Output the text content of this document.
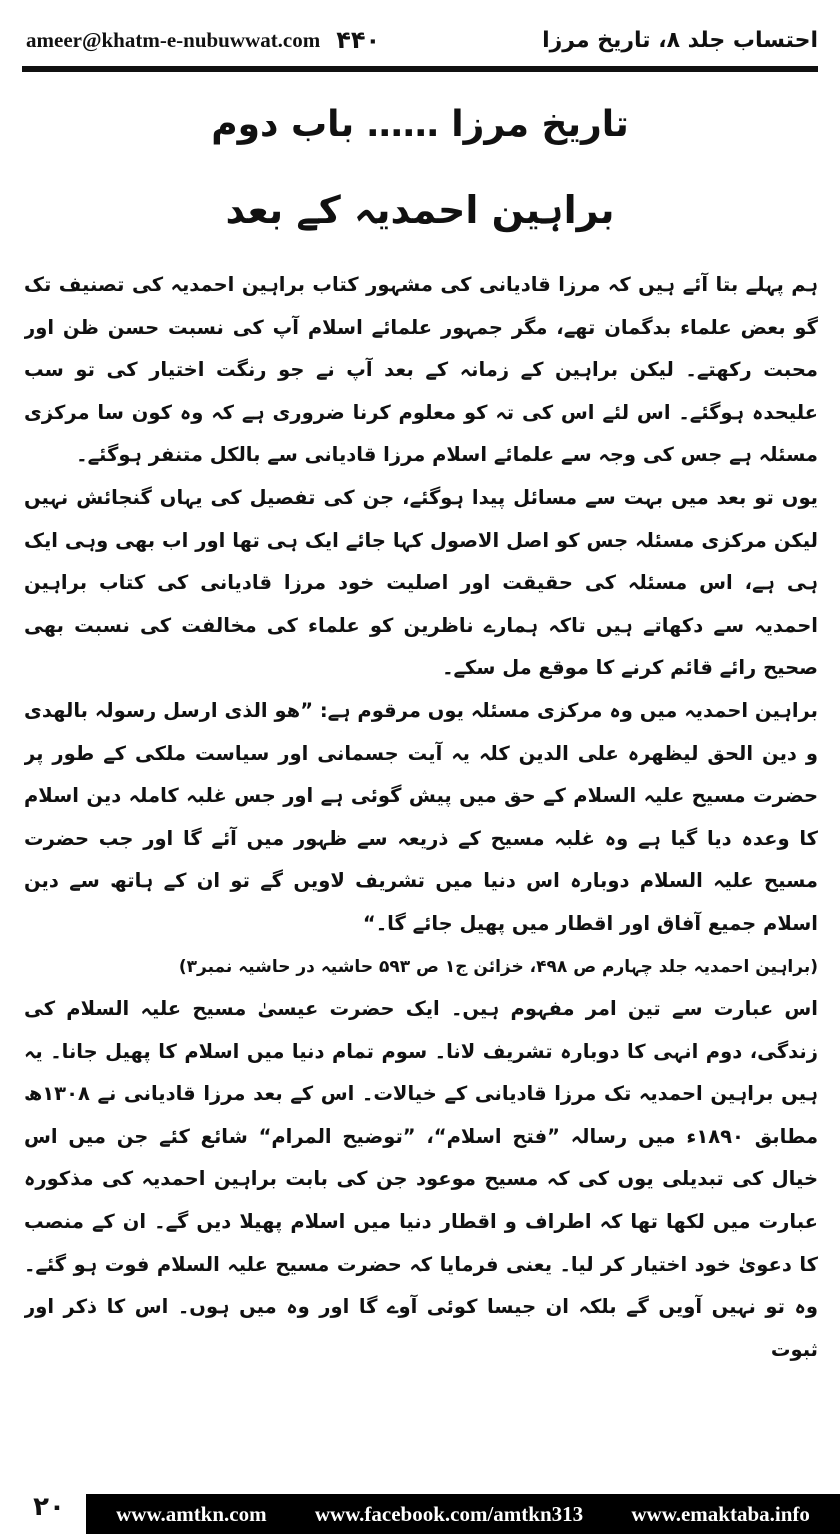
ameer@khatm-e-nubuwwat.com ۴۴۰	احتساب جلد ۸، تاریخ مرزا
تاریخ مرزا …… باب دوم
براہین احمدیہ کے بعد

ہم پہلے بتا آئے ہیں کہ مرزا قادیانی کی مشہور کتاب براہین احمدیہ کی تصنیف تک گو بعض علماء بدگمان تھے، مگر جمہور علمائے اسلام آپ کی نسبت حسن ظن اور محبت رکھتے۔ لیکن براہین کے زمانہ کے بعد آپ نے جو رنگت اختیار کی تو سب علیحدہ ہوگئے۔ اس لئے اس کی تہ کو معلوم کرنا ضروری ہے کہ وہ کون سا مرکزی مسئلہ ہے جس کی وجہ سے علمائے اسلام مرزا قادیانی سے بالکل متنفر ہوگئے۔

یوں تو بعد میں بہت سے مسائل پیدا ہوگئے، جن کی تفصیل کی یہاں گنجائش نہیں لیکن مرکزی مسئلہ جس کو اصل الاصول کہا جائے ایک ہی تھا اور اب بھی وہی ایک ہی ہے، اس مسئلہ کی حقیقت اور اصلیت خود مرزا قادیانی کی کتاب براہین احمدیہ سے دکھاتے ہیں تاکہ ہمارے ناظرین کو علماء کی مخالفت کی نسبت بھی صحیح رائے قائم کرنے کا موقع مل سکے۔

براہین احمدیہ میں وہ مرکزی مسئلہ یوں مرقوم ہے: ”ھو الذی ارسل رسولہ بالھدی و دین الحق لیظھرہ علی الدین کلہ یہ آیت جسمانی اور سیاست ملکی کے طور پر حضرت مسیح علیہ السلام کے حق میں پیش گوئی ہے اور جس غلبہ کاملہ دین اسلام کا وعدہ دیا گیا ہے وہ غلبہ مسیح کے ذریعہ سے ظہور میں آئے گا اور جب حضرت مسیح علیہ السلام دوبارہ اس دنیا میں تشریف لاویں گے تو ان کے ہاتھ سے دین اسلام جمیع آفاق اور اقطار میں پھیل جائے گا۔“

(براہین احمدیہ جلد چہارم ص ۴۹۸، خزائن ج۱ ص ۵۹۳ حاشیہ در حاشیہ نمبر۳)

اس عبارت سے تین امر مفہوم ہیں۔ ایک حضرت عیسیٰ مسیح علیہ السلام کی زندگی، دوم انہی کا دوبارہ تشریف لانا۔ سوم تمام دنیا میں اسلام کا پھیل جانا۔ یہ ہیں براہین احمدیہ تک مرزا قادیانی کے خیالات۔ اس کے بعد مرزا قادیانی نے ۱۳۰۸ھ مطابق ۱۸۹۰ء میں رسالہ ”فتح اسلام“، ”توضیح المرام“ شائع کئے جن میں اس خیال کی تبدیلی یوں کی کہ مسیح موعود جن کی بابت براہین احمدیہ کی مذکورہ عبارت میں لکھا تھا کہ اطراف و اقطار دنیا میں اسلام پھیلا دیں گے۔ ان کے منصب کا دعویٰ خود اختیار کر لیا۔ یعنی فرمایا کہ حضرت مسیح علیہ السلام فوت ہو گئے۔ وہ تو نہیں آویں گے بلکہ ان جیسا کوئی آوے گا اور وہ میں ہوں۔ اس کا ذکر اور ثبوت

۲۰	www.amtkn.com www.facebook.com/amtkn313 www.emaktaba.info
